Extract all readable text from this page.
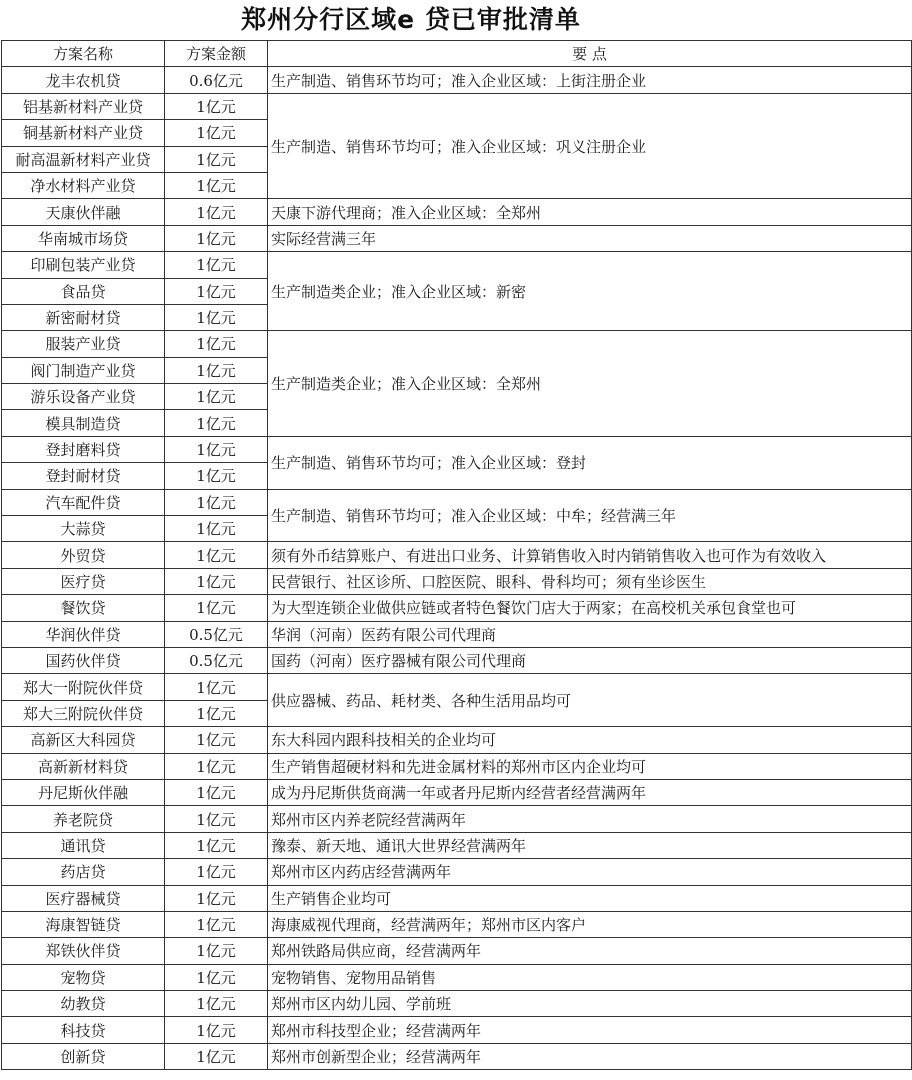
郑州分行区域e 贷已审批清单
方案名称	方案金额	要 点
龙丰农机贷	0.6亿元	生产制造、销售环节均可；准入企业区域：上街注册企业
铝基新材料产业贷	1亿元	生产制造、销售环节均可；准入企业区域：巩义注册企业
铜基新材料产业贷	1亿元	
耐高温新材料产业贷	1亿元	
净水材料产业贷	1亿元	
天康伙伴融	1亿元	天康下游代理商；准入企业区域：全郑州
华南城市场贷	1亿元	实际经营满三年
印刷包装产业贷	1亿元	生产制造类企业；准入企业区域：新密
食品贷	1亿元	
新密耐材贷	1亿元	
服装产业贷	1亿元	生产制造类企业；准入企业区域：全郑州
阀门制造产业贷	1亿元	
游乐设备产业贷	1亿元	
模具制造贷	1亿元	
登封磨料贷	1亿元	生产制造、销售环节均可；准入企业区域：登封
登封耐材贷	1亿元	
汽车配件贷	1亿元	生产制造、销售环节均可；准入企业区域：中牟；经营满三年
大蒜贷	1亿元	
外贸贷	1亿元	须有外币结算账户、有进出口业务、计算销售收入时内销销售收入也可作为有效收入
医疗贷	1亿元	民营银行、社区诊所、口腔医院、眼科、骨科均可；须有坐诊医生
餐饮贷	1亿元	为大型连锁企业做供应链或者特色餐饮门店大于两家；在高校机关承包食堂也可
华润伙伴贷	0.5亿元	华润（河南）医药有限公司代理商
国药伙伴贷	0.5亿元	国药（河南）医疗器械有限公司代理商
郑大一附院伙伴贷	1亿元	供应器械、药品、耗材类、各种生活用品均可
郑大三附院伙伴贷	1亿元	
高新区大科园贷	1亿元	东大科园内跟科技相关的企业均可
高新新材料贷	1亿元	生产销售超硬材料和先进金属材料的郑州市区内企业均可
丹尼斯伙伴融	1亿元	成为丹尼斯供货商满一年或者丹尼斯内经营者经营满两年
养老院贷	1亿元	郑州市区内养老院经营满两年
通讯贷	1亿元	豫泰、新天地、通讯大世界经营满两年
药店贷	1亿元	郑州市区内药店经营满两年
医疗器械贷	1亿元	生产销售企业均可
海康智链贷	1亿元	海康威视代理商，经营满两年；郑州市区内客户
郑铁伙伴贷	1亿元	郑州铁路局供应商，经营满两年
宠物贷	1亿元	宠物销售、宠物用品销售
幼教贷	1亿元	郑州市区内幼儿园、学前班
科技贷	1亿元	郑州市科技型企业；经营满两年
创新贷	1亿元	郑州市创新型企业；经营满两年
